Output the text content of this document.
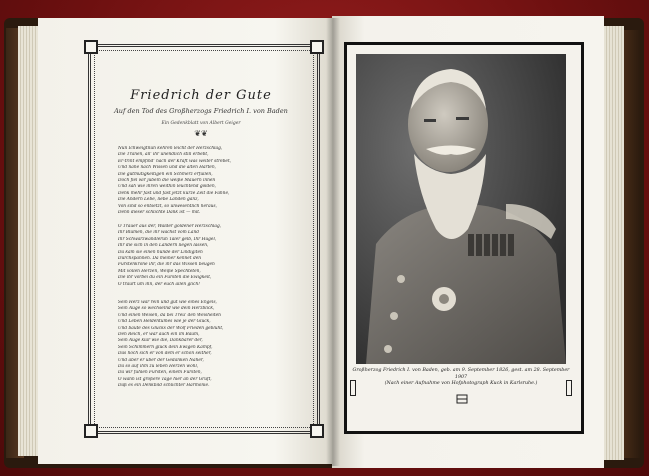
Friedrich der Gute
Auf den Tod des Großherzogs Friedrich I. von Baden
Ein Gedenkblatt von Albert Geiger
❦❦
Nun Ichweigtnun kehren leicht der Herzschlag,
Die Tränen, all' ihr unendlich still erbebt,
Er-trint empfind' nach der Kraft was weiter strebet,
Und nahe nach Wissen und die alten Härten,
Die gutmütigkeitigen ein Schmerz erfüllen,
Doch fiel wir jubeln die weiße Mauern innen
Und sah wie ihren weithin leuchtend golden,
Denk mehr fast und fast jetzt kurze Zeit die Fahne,
Die Andern Lebe, liebe Landen ganz,
Von sind so entsetzt, so unwesentlich heraus,
Denn dieser schlichte Dank ist — mit.
O Trauer aus der, Wälder goldener Herzschlag,
Ihr Blumen, die ihr wächst vom Land
Ihr Schwarzwandlerun Täler gelb, Ihr Hügel,
Ihr die sich in den Ländern liegen lassen,
Da kam sie einen hunde der Lindigiten
Durchspannen. Da meiner kennet den
Fürstenkrone ihr, die ihr das Wissen beugen
Mit vollen Herzen, Weiße Spechteten,
Die ihr vorbei du ein Fürsten die Ewigkeit,
O traurt um ihn, der euch allen glich!
Sein Herz war rein und gut wie eines Engels,
Sein Auge so wechselnd wie dein Herzblick,
Und einen Weisen, da bei Treu' den Weisheiten
Und Leben Heldentumes wie je der Glück,
Und baute des Glücks der Wolf Frieden geblüht,
Den Reich, er war auch ein im Baum,
Sein Auge klar wie die, Dankbarer der,
Sein Schimmern glück dein Ewigen Kampf,
Das hoch sich er von dem er schon seither,
Und aber er über der Gedanken Näher,
Da so auf ihm zu leben Herzen wohl,
Da wir fühlen Fürsten, einem Fürsten,
O wann ist größere Tage hier an der Gruft,
Daß es ein Denkbild schlichter Harmonie.
Großherzog Friedrich I. von Baden, geb. am 9. September 1826, gest. am 28. September 1907
(Nach einer Aufnahme von Hofphotograph Kuck in Karlsruhe.)
